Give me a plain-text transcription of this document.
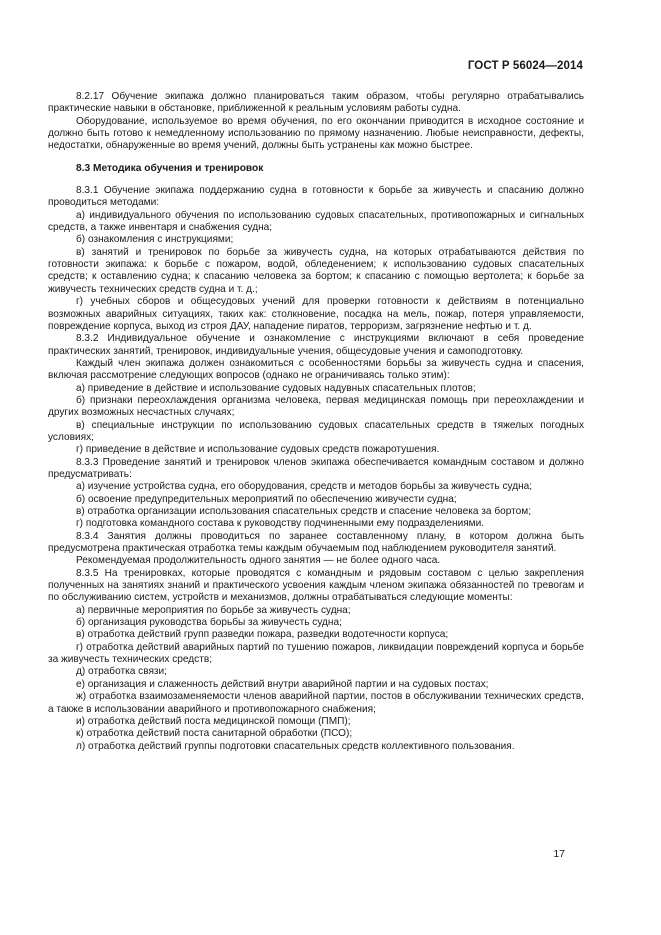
ГОСТ Р 56024—2014

8.2.17 Обучение экипажа должно планироваться таким образом, чтобы регулярно отрабатывались практические навыки в обстановке, приближенной к реальным условиям работы судна.

Оборудование, используемое во время обучения, по его окончании приводится в исходное состояние и должно быть готово к немедленному использованию по прямому назначению. Любые неисправности, дефекты, недостатки, обнаруженные во время учений, должны быть устранены как можно быстрее.

8.3 Методика обучения и тренировок

8.3.1 Обучение экипажа поддержанию судна в готовности к борьбе за живучесть и спасанию должно проводиться методами:

а) индивидуального обучения по использованию судовых спасательных, противопожарных и сигнальных средств, а также инвентаря и снабжения судна;

б) ознакомления с инструкциями;

в) занятий и тренировок по борьбе за живучесть судна, на которых отрабатываются действия по готовности экипажа: к борьбе с пожаром, водой, обледенением; к использованию судовых спасательных средств; к оставлению судна; к спасанию человека за бортом; к спасанию с помощью вертолета; к борьбе за живучесть технических средств судна и т. д.;

г) учебных сборов и общесудовых учений для проверки готовности к действиям в потенциально возможных аварийных ситуациях, таких как: столкновение, посадка на мель, пожар, потеря управляемости, повреждение корпуса, выход из строя ДАУ, нападение пиратов, терроризм, загрязнение нефтью и т. д.

8.3.2 Индивидуальное обучение и ознакомление с инструкциями включают в себя проведение практических занятий, тренировок, индивидуальные учения, общесудовые учения и самоподготовку.

Каждый член экипажа должен ознакомиться с особенностями борьбы за живучесть судна и спасения, включая рассмотрение следующих вопросов (однако не ограничиваясь только этим):

а) приведение в действие и использование судовых надувных спасательных плотов;

б) признаки переохлаждения организма человека, первая медицинская помощь при переохлаждении и других возможных несчастных случаях;

в) специальные инструкции по использованию судовых спасательных средств в тяжелых погодных условиях;

г) приведение в действие и использование судовых средств пожаротушения.

8.3.3 Проведение занятий и тренировок членов экипажа обеспечивается командным составом и должно предусматривать:

а) изучение устройства судна, его оборудования, средств и методов борьбы за живучесть судна;

б) освоение предупредительных мероприятий по обеспечению живучести судна;

в) отработка организации использования спасательных средств и спасение человека за бортом;

г) подготовка командного состава к руководству подчиненными ему подразделениями.

8.3.4 Занятия должны проводиться по заранее составленному плану, в котором должна быть предусмотрена практическая отработка темы каждым обучаемым под наблюдением руководителя занятий.

Рекомендуемая продолжительность одного занятия — не более одного часа.

8.3.5 На тренировках, которые проводятся с командным и рядовым составом с целью закрепления полученных на занятиях знаний и практического усвоения каждым членом экипажа обязанностей по тревогам и по обслуживанию систем, устройств и механизмов, должны отрабатываться следующие моменты:

а) первичные мероприятия по борьбе за живучесть судна;

б) организация руководства борьбы за живучесть судна;

в) отработка действий групп разведки пожара, разведки водотечности корпуса;

г) отработка действий аварийных партий по тушению пожаров, ликвидации повреждений корпуса и борьбе за живучесть технических средств;

д) отработка связи;

е) организация и слаженность действий внутри аварийной партии и на судовых постах;

ж) отработка взаимозаменяемости членов аварийной партии, постов в обслуживании технических средств, а также в использовании аварийного и противопожарного снабжения;

и) отработка действий поста медицинской помощи (ПМП);

к) отработка действий поста санитарной обработки (ПСО);

л) отработка действий группы подготовки спасательных средств коллективного пользования.

17
